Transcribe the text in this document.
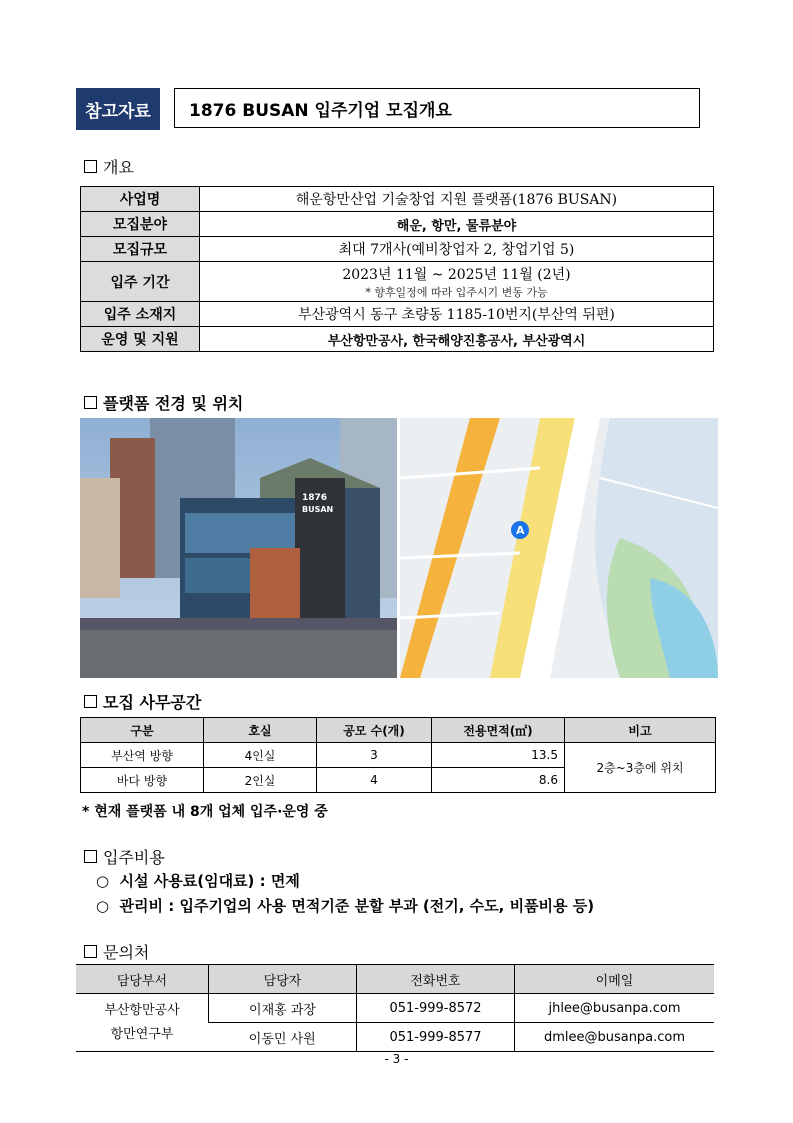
참고자료	1876 BUSAN 입주기업 모집개요
개요
사업명	해운항만산업 기술창업 지원 플랫폼(1876 BUSAN)
모집분야	해운, 항만, 물류분야
모집규모	최대 7개사(예비창업자 2, 창업기업 5)
입주 기간	2023년 11월 ~ 2025년 11월 (2년)
* 향후일정에 따라 입주시기 변동 가능

입주 소재지	부산광역시 동구 초량동 1185-10번지(부산역 뒤편)
운영 및 지원	부산항만공사, 한국해양진흥공사, 부산광역시
플랫폼 전경 및 위치
1876
BUSAN
A
모집 사무공간
구분	호실	공모 수(개)	전용면적(㎡)	비고
부산역 방향	4인실	3	13.5	2층~3층에 위치
바다 방향	2인실	4	8.6	
* 현재 플랫폼 내 8개 업체 입주·운영 중
입주비용
○  시설 사용료(임대료) : 면제
○  관리비 : 입주기업의 사용 면적기준 분할 부과 (전기, 수도, 비품비용 등)
문의처
담당부서	담당자	전화번호	이메일
부산항만공사
항만연구부	이재홍 과장	051-999-8572	jhlee@busanpa.com
	이동민 사원	051-999-8577	dmlee@busanpa.com
- 3 -
